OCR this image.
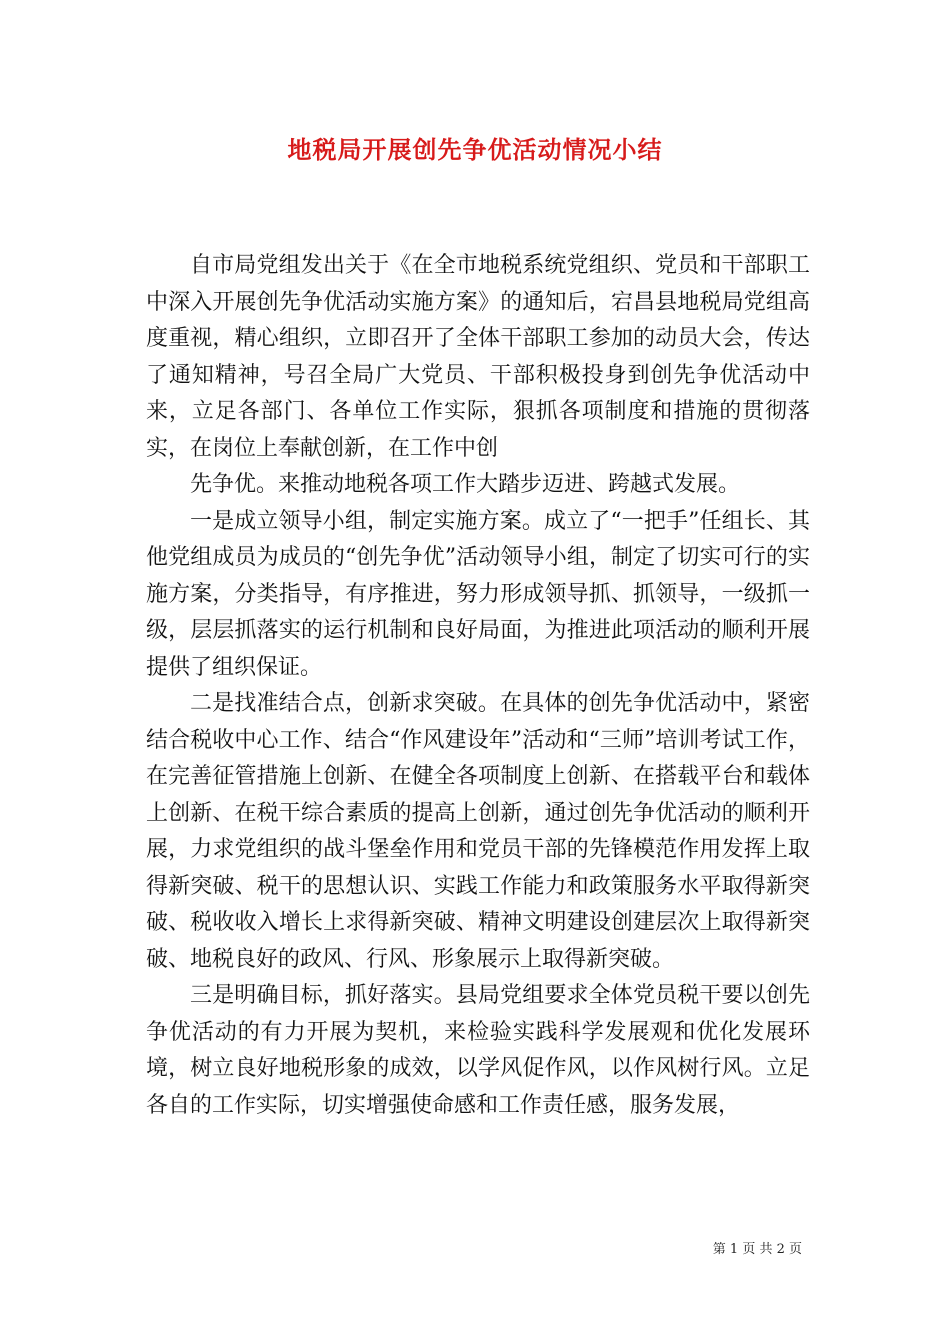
地税局开展创先争优活动情况小结

自市局党组发出关于《在全市地税系统党组织、党员和干部职工中深入开展创先争优活动实施方案》的通知后，宕昌县地税局党组高度重视，精心组织，立即召开了全体干部职工参加的动员大会，传达了通知精神，号召全局广大党员、干部积极投身到创先争优活动中来，立足各部门、各单位工作实际，狠抓各项制度和措施的贯彻落实，在岗位上奉献创新，在工作中创

先争优。来推动地税各项工作大踏步迈进、跨越式发展。

一是成立领导小组，制定实施方案。成立了“一把手”任组长、其他党组成员为成员的“创先争优”活动领导小组，制定了切实可行的实施方案，分类指导，有序推进，努力形成领导抓、抓领导，一级抓一级，层层抓落实的运行机制和良好局面，为推进此项活动的顺利开展提供了组织保证。

二是找准结合点，创新求突破。在具体的创先争优活动中，紧密结合税收中心工作、结合“作风建设年”活动和“三师”培训考试工作，在完善征管措施上创新、在健全各项制度上创新、在搭载平台和载体上创新、在税干综合素质的提高上创新，通过创先争优活动的顺利开展，力求党组织的战斗堡垒作用和党员干部的先锋模范作用发挥上取得新突破、税干的思想认识、实践工作能力和政策服务水平取得新突破、税收收入增长上求得新突破、精神文明建设创建层次上取得新突破、地税良好的政风、行风、形象展示上取得新突破。

三是明确目标，抓好落实。县局党组要求全体党员税干要以创先争优活动的有力开展为契机，来检验实践科学发展观和优化发展环境，树立良好地税形象的成效，以学风促作风，以作风树行风。立足各自的工作实际，切实增强使命感和工作责任感，服务发展，

第 1 页 共 2 页
